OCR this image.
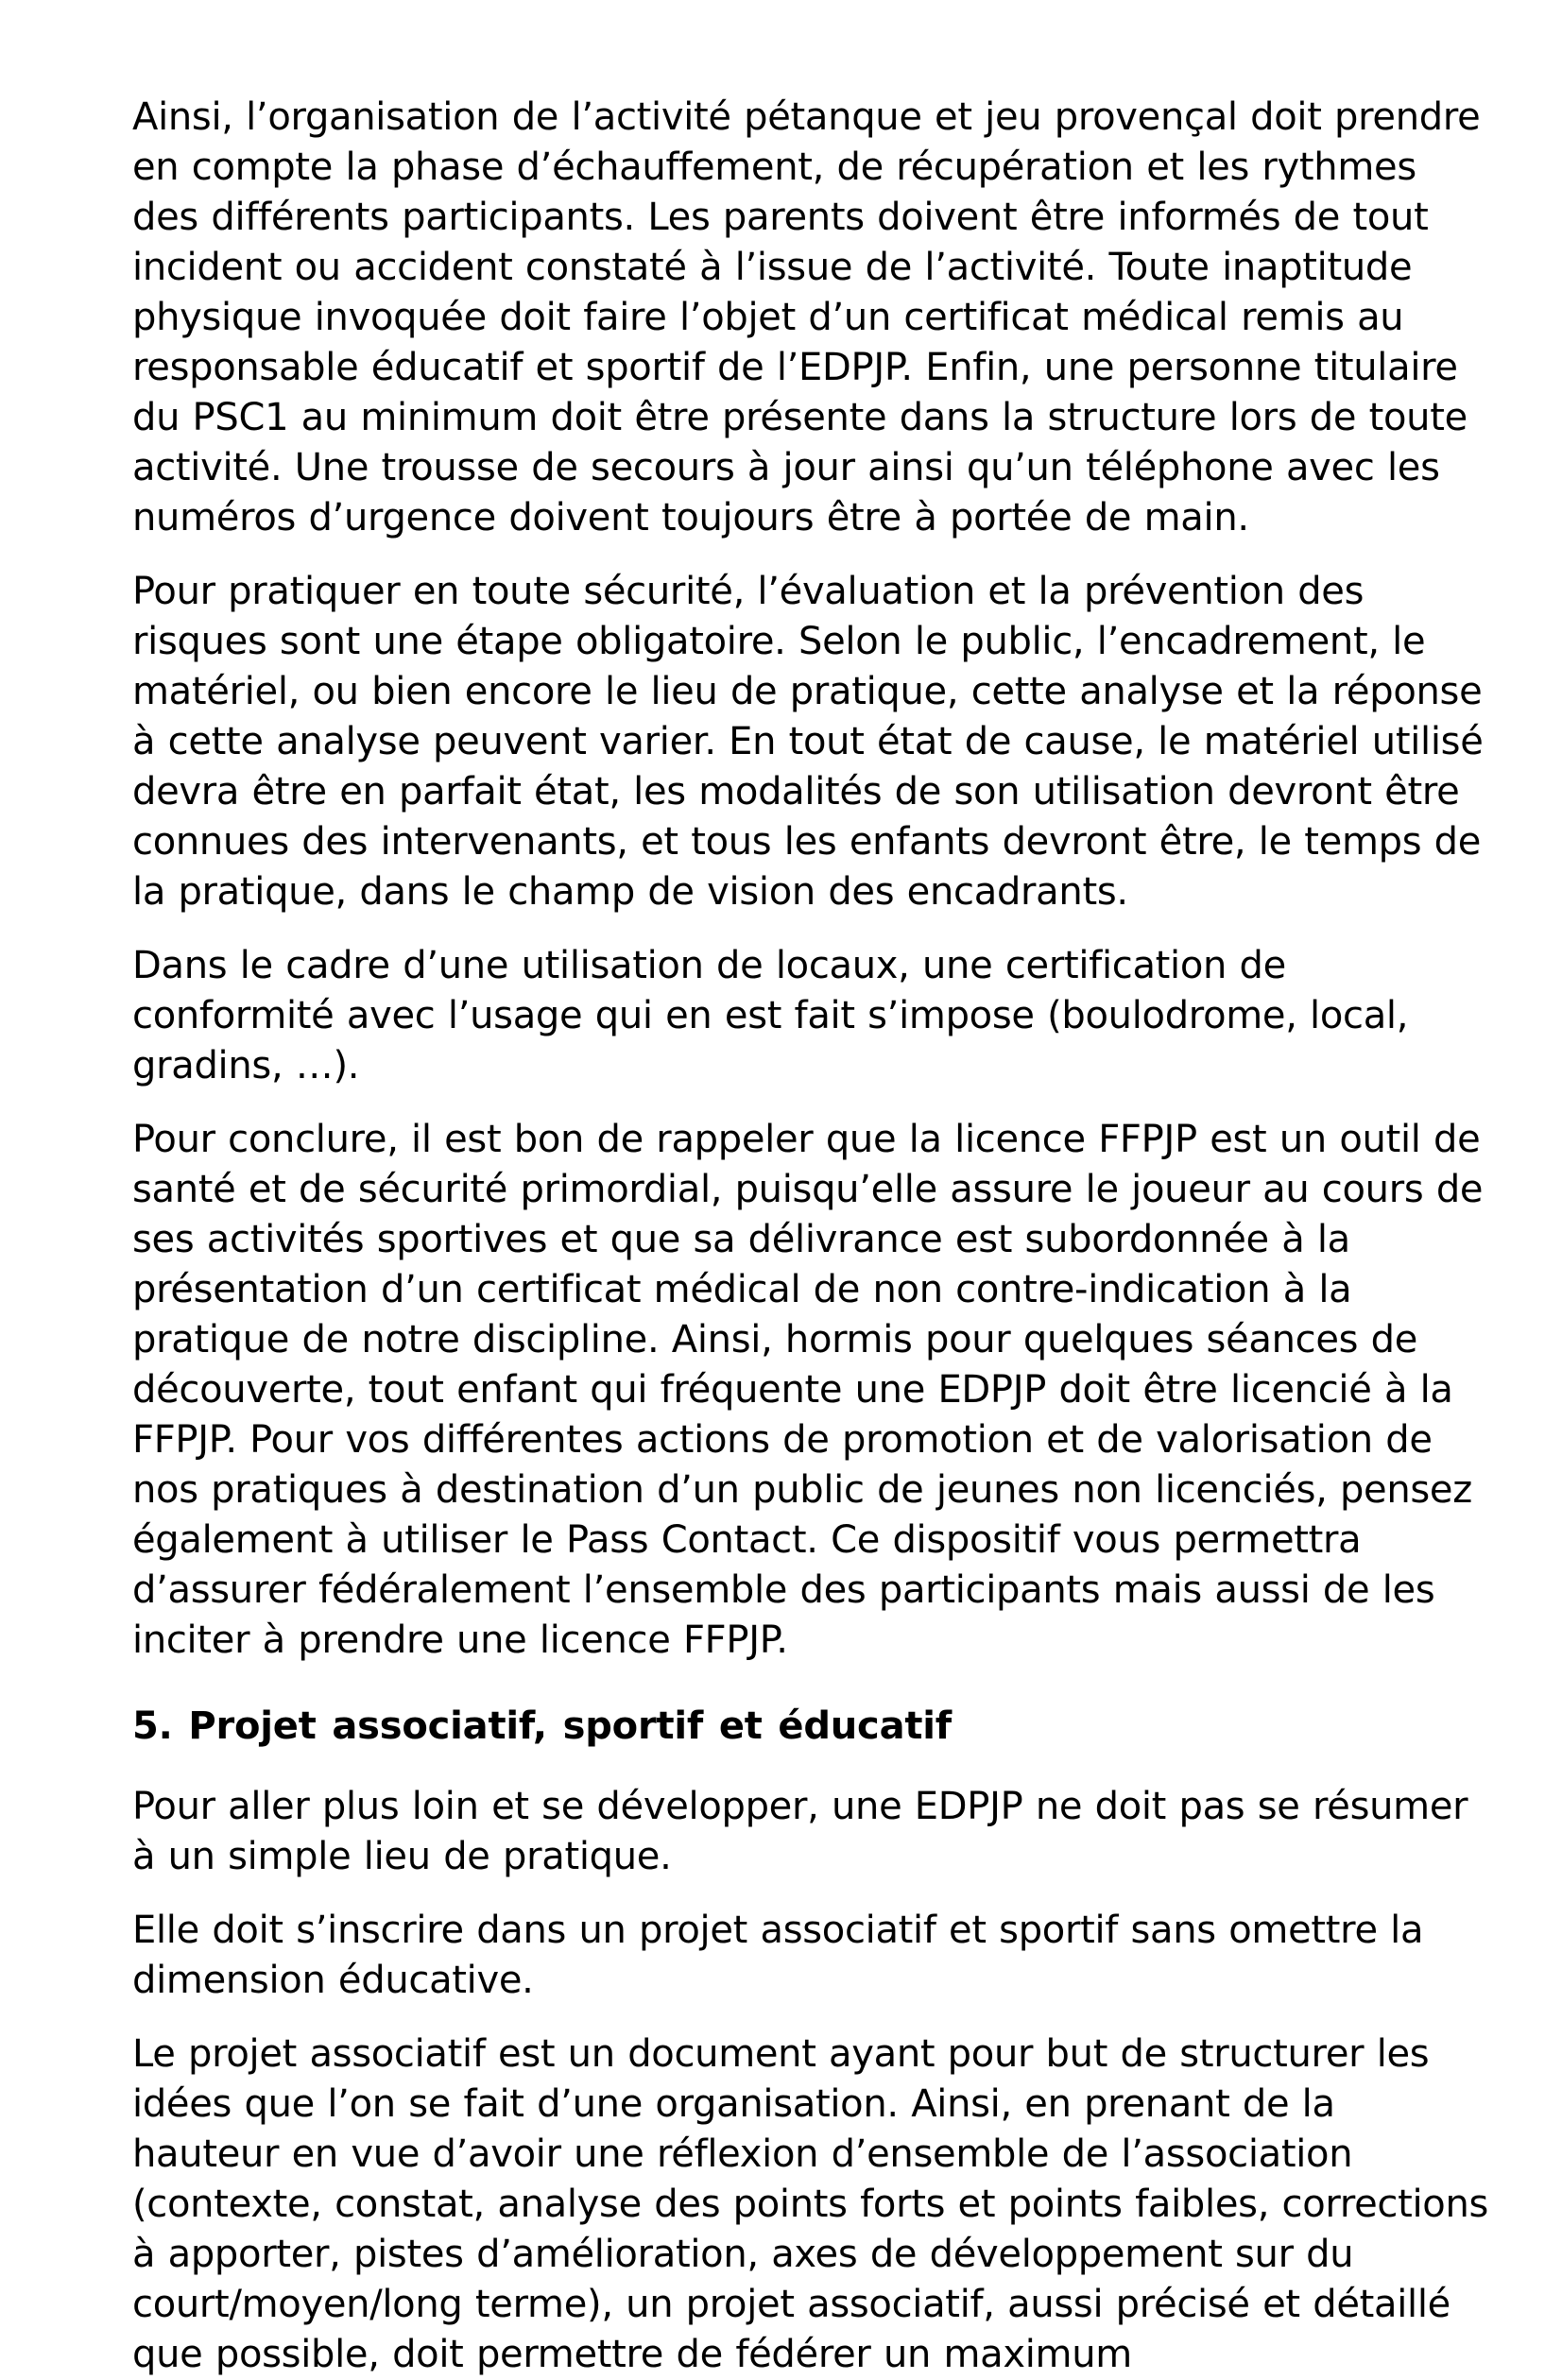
Ainsi, l’organisation de l’activité pétanque et jeu provençal doit prendre en compte la phase d’échauffement, de récupération et les rythmes des différents participants. Les parents doivent être informés de tout incident ou accident constaté à l’issue de l’activité. Toute inaptitude physique invoquée doit faire l’objet d’un certificat médical remis au responsable éducatif et sportif de l’EDPJP. Enfin, une personne titulaire du PSC1 au minimum doit être présente dans la structure lors de toute activité. Une trousse de secours à jour ainsi qu’un téléphone avec les numéros d’urgence doivent toujours être à portée de main.

Pour pratiquer en toute sécurité, l’évaluation et la prévention des risques sont une étape obligatoire. Selon le public, l’encadrement, le matériel, ou bien encore le lieu de pratique, cette analyse et la réponse à cette analyse peuvent varier. En tout état de cause, le matériel utilisé devra être en parfait état, les modalités de son utilisation devront être connues des intervenants, et tous les enfants devront être, le temps de la pratique, dans le champ de vision des encadrants.

Dans le cadre d’une utilisation de locaux, une certification de conformité avec l’usage qui en est fait s’impose (boulodrome, local, gradins, …).

Pour conclure, il est bon de rappeler que la licence FFPJP est un outil de santé et de sécurité primordial, puisqu’elle assure le joueur au cours de ses activités sportives et que sa délivrance est subordonnée à la présentation d’un certificat médical de non contre-indication à la pratique de notre discipline. Ainsi, hormis pour quelques séances de découverte, tout enfant qui fréquente une EDPJP doit être licencié à la FFPJP. Pour vos différentes actions de promotion et de valorisation de nos pratiques à destination d’un public de jeunes non licenciés, pensez également à utiliser le Pass Contact. Ce dispositif vous permettra d’assurer fédéralement l’ensemble des participants mais aussi de les inciter à prendre une licence FFPJP.

5. Projet associatif, sportif et éducatif

Pour aller plus loin et se développer, une EDPJP ne doit pas se résumer à un simple lieu de pratique.

Elle doit s’inscrire dans un projet associatif et sportif sans omettre la dimension éducative.

Le projet associatif est un document ayant pour but de structurer les idées que l’on se fait d’une organisation. Ainsi, en prenant de la hauteur en vue d’avoir une réflexion d’ensemble de l’association (contexte, constat, analyse des points forts et points faibles, corrections à apporter, pistes d’amélioration, axes de développement sur du court/moyen/long terme), un projet associatif, aussi précisé et détaillé que possible, doit permettre de fédérer un maximum
